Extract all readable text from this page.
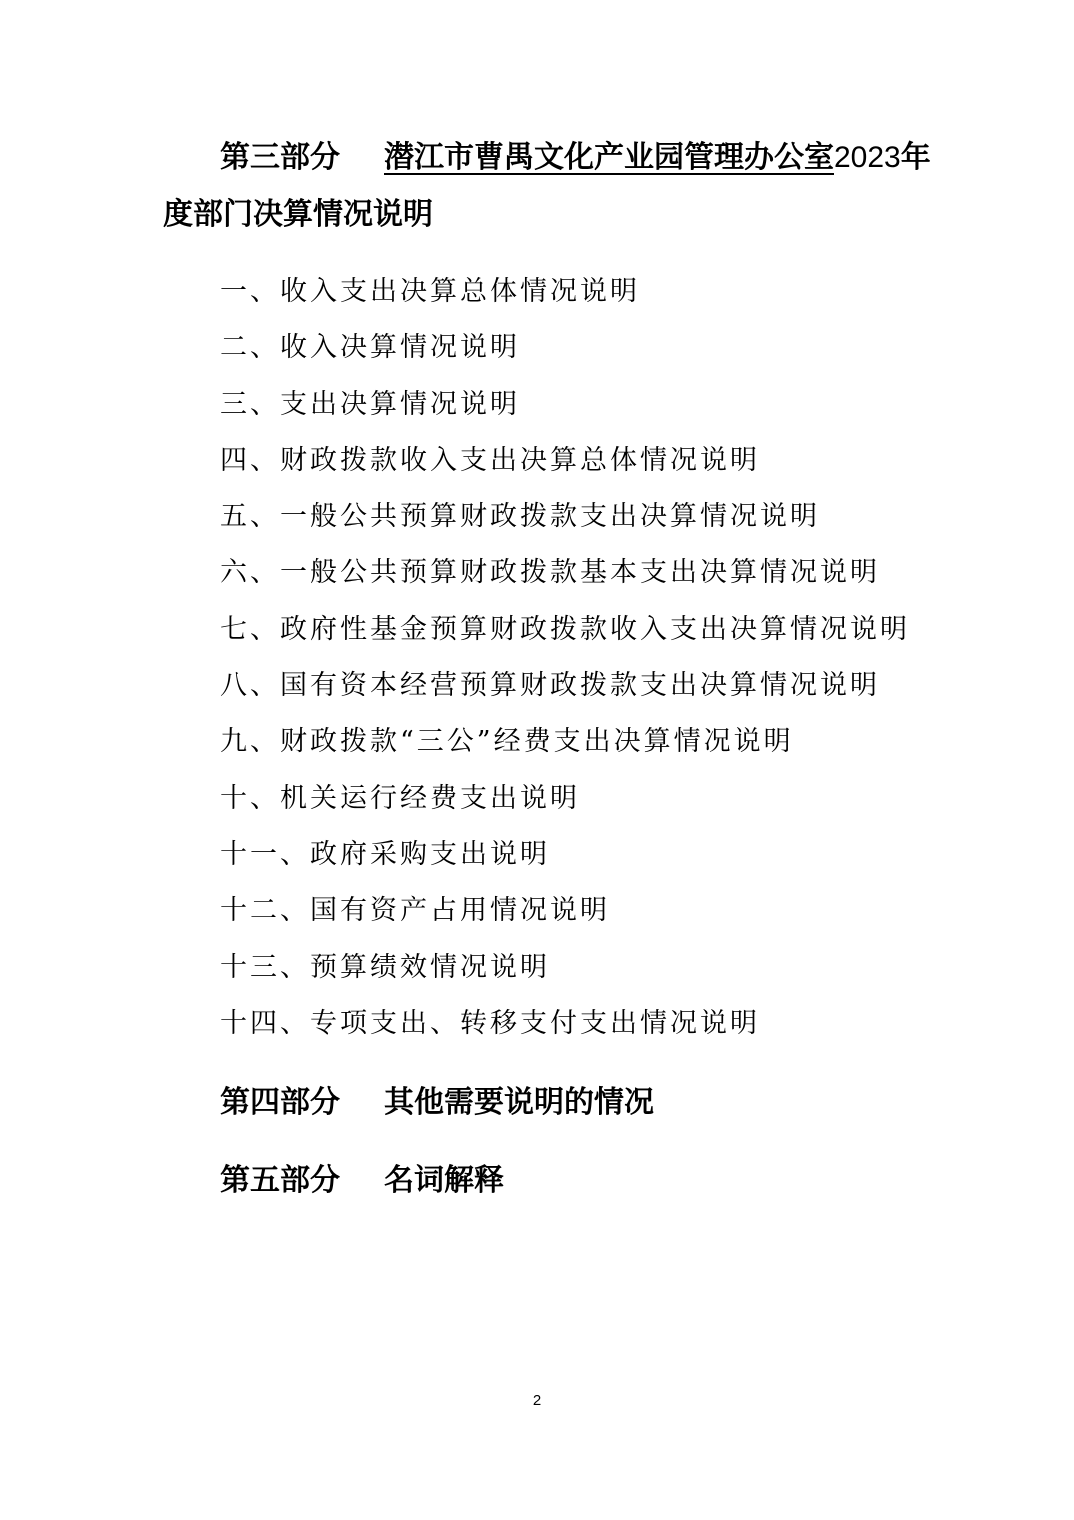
第三部分 潜江市曹禺文化产业园管理办公室2023年
度部门决算情况说明
一、收入支出决算总体情况说明
二、收入决算情况说明
三、支出决算情况说明
四、财政拨款收入支出决算总体情况说明
五、一般公共预算财政拨款支出决算情况说明
六、一般公共预算财政拨款基本支出决算情况说明
七、政府性基金预算财政拨款收入支出决算情况说明
八、国有资本经营预算财政拨款支出决算情况说明
九、财政拨款“三公”经费支出决算情况说明
十、机关运行经费支出说明
十一、政府采购支出说明
十二、国有资产占用情况说明
十三、预算绩效情况说明
十四、专项支出、转移支付支出情况说明
第四部分 其他需要说明的情况
第五部分 名词解释
2
